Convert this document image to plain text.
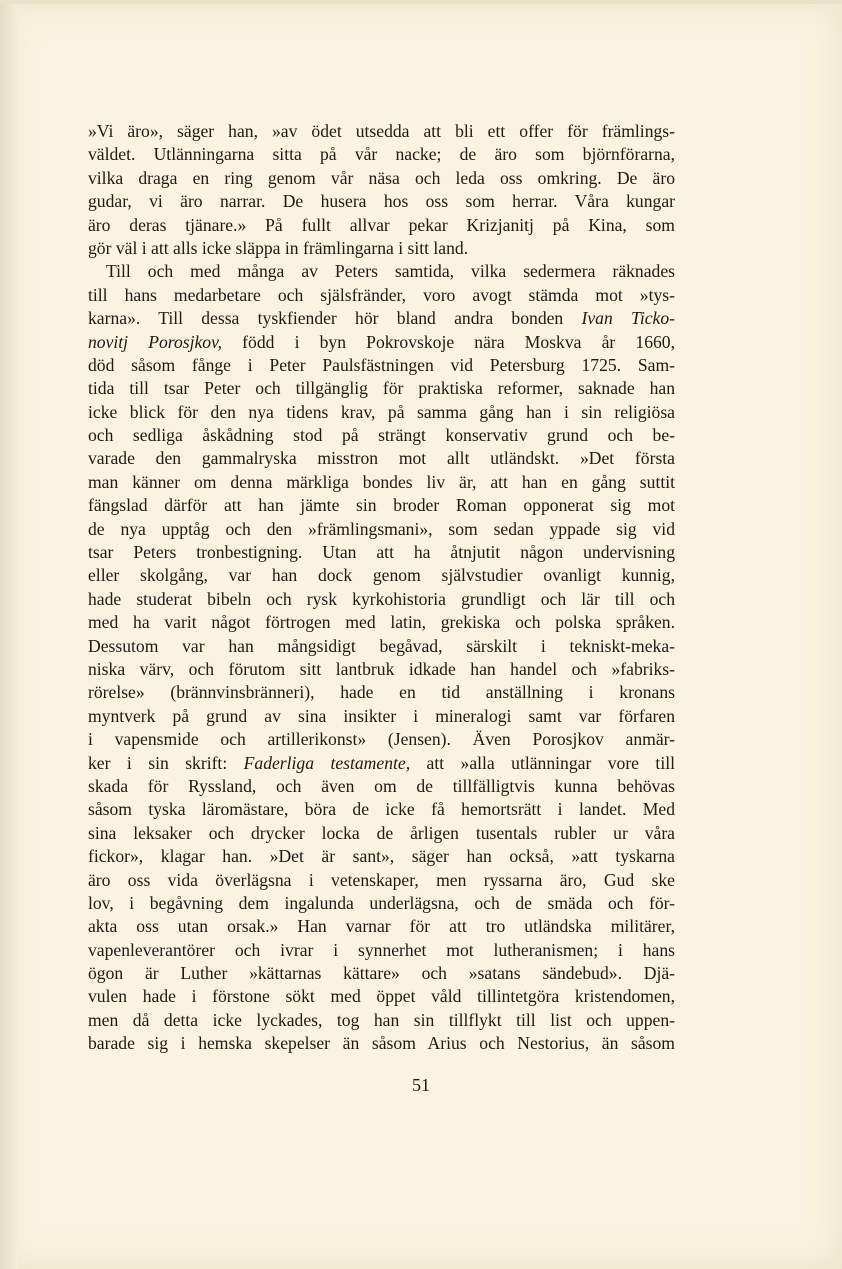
»Vi äro», säger han, »av ödet utsedda att bli ett offer för främlings-
väldet. Utlänningarna sitta på vår nacke; de äro som björnförarna,
vilka draga en ring genom vår näsa och leda oss omkring. De äro
gudar, vi äro narrar. De husera hos oss som herrar. Våra kungar
äro deras tjänare.» På fullt allvar pekar Krizjanitj på Kina, som
gör väl i att alls icke släppa in främlingarna i sitt land.
Till och med många av Peters samtida, vilka sedermera räknades
till hans medarbetare och själsfränder, voro avogt stämda mot »tys-
karna». Till dessa tyskfiender hör bland andra bonden Ivan Ticko-
novitj Porosjkov, född i byn Pokrovskoje nära Moskva år 1660,
död såsom fånge i Peter Paulsfästningen vid Petersburg 1725. Sam-
tida till tsar Peter och tillgänglig för praktiska reformer, saknade han
icke blick för den nya tidens krav, på samma gång han i sin religiösa
och sedliga åskådning stod på strängt konservativ grund och be-
varade den gammalryska misstron mot allt utländskt. »Det första
man känner om denna märkliga bondes liv är, att han en gång suttit
fängslad därför att han jämte sin broder Roman opponerat sig mot
de nya upptåg och den »främlingsmani», som sedan yppade sig vid
tsar Peters tronbestigning. Utan att ha åtnjutit någon undervisning
eller skolgång, var han dock genom självstudier ovanligt kunnig,
hade studerat bibeln och rysk kyrkohistoria grundligt och lär till och
med ha varit något förtrogen med latin, grekiska och polska språken.
Dessutom var han mångsidigt begåvad, särskilt i tekniskt-meka-
niska värv, och förutom sitt lantbruk idkade han handel och »fabriks-
rörelse» (brännvinsbränneri), hade en tid anställning i kronans
myntverk på grund av sina insikter i mineralogi samt var förfaren
i vapensmide och artillerikonst» (Jensen). Även Porosjkov anmär-
ker i sin skrift: Faderliga testamente, att »alla utlänningar vore till
skada för Ryssland, och även om de tillfälligtvis kunna behövas
såsom tyska läromästare, böra de icke få hemortsrätt i landet. Med
sina leksaker och drycker locka de årligen tusentals rubler ur våra
fickor», klagar han. »Det är sant», säger han också, »att tyskarna
äro oss vida överlägsna i vetenskaper, men ryssarna äro, Gud ske
lov, i begåvning dem ingalunda underlägsna, och de smäda och för-
akta oss utan orsak.» Han varnar för att tro utländska militärer,
vapenleverantörer och ivrar i synnerhet mot lutheranismen; i hans
ögon är Luther »kättarnas kättare» och »satans sändebud». Djä-
vulen hade i förstone sökt med öppet våld tillintetgöra kristendomen,
men då detta icke lyckades, tog han sin tillflykt till list och uppen-
barade sig i hemska skepelser än såsom Arius och Nestorius, än såsom
51
